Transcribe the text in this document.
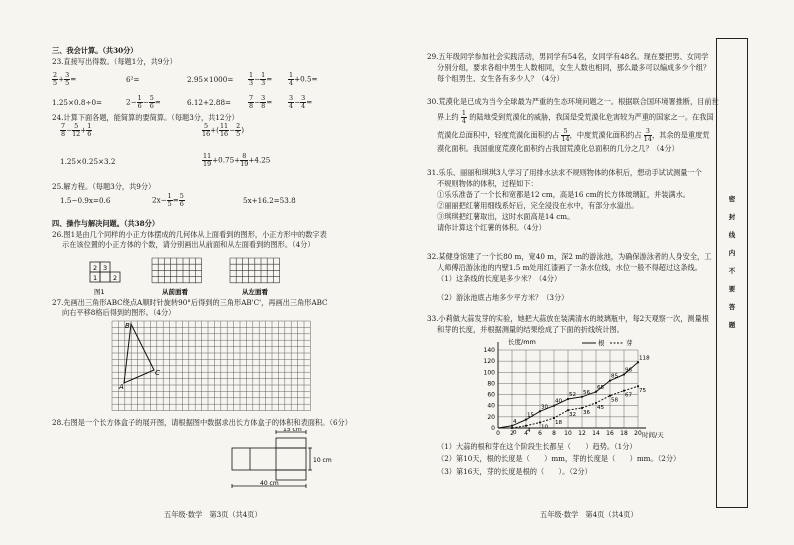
三、我会计算。（共30分）
23.直接写出得数。（每题1分，共9分）
$\frac{2}{5} + \frac{3}{5}$ =	6²=	$2.95\times 1000= \frac{1}{3} - \frac{1}{3} = \frac{1}{4} +0.5=$
1.25×0.8÷0=	$2- \frac{1}{6} - \frac{5}{6}$ =	6.12+2.88=	$\frac{7}{8} - \frac{3}{8} = \frac{3}{4} - \frac{3}{4}$ =
24.计算下面各题，能简算的要简算。（每题3分，共12分）
$\frac{7}{8} - \frac{5}{12} + \frac{1}{6}$	$\frac{5}{16}$ +( $\frac{11}{16} - \frac{2}{5}$ )
1.25×0.25×3.2	$\frac{11}{19} +0.75+ \frac{8}{19} +4.25$
25.解方程。（每题3分，共9分）
1.5−0.9x=0.6	$2x- \frac{1}{5} = \frac{5}{6}$	5x+16.2=53.8
四、操作与解决问题。（共38分）
26.图1是由几个同样的小正方体摆成的几何体从上面看到的图形，小正方形中的数字表
示在该位置的小正方体的个数，请分别画出从前面和从左面看到的图形。（4分）
2 3
1 2
图1	从前面看	从左面看
27.先画出三角形ABC绕点A顺时针旋转90°后得到的三角形AB'C'，再画出三角形ABC
向右平移8格后得到的图形。（4分）
B
A
C
28.右图是一个长方体盒子的展开图，请根据图中数据求出长方体盒子的体积和表面积。（6分）
15 cm
10 cm
40 cm
五年级·数学　第3页（共4页）
29.五年级同学参加社会实践活动，男同学有54名，女同学有48名。现在要把男、女同学
分别分组，要求各组中男生人数相同，女生人数也相同，那么最多可以编成多少个组？
每个组男生、女生各有多少人？（4分）
30.荒漠化是已成为当今全球最为严重的生态环境问题之一。根据联合国环境署推断，目前世
界上约 $\frac{1}{4}$ 的陆地受到荒漠化的威胁，我国是受荒漠化危害较为严重的国家之一。在我国
荒漠化总面积中，轻度荒漠化面积约占 $\frac{5}{14}$ ，中度荒漠化面积约占 $\frac{3}{14}$ ，其余的是重度荒
漠化面积。我国重度荒漠化面积约占我国荒漠化总面积的几分之几？（4分）
31.乐乐、丽丽和琪琪3人学习了用排水法求不规则物体的体积后，想动手试试测量一个
不规则物体的体积，过程如下：
①乐乐准备了一个长和宽都是12 cm，高是16 cm的长方体玻璃缸，并装满水。
②丽丽把红薯用细线系好后，完全浸没在水中，有部分水溢出。
③琪琪把红薯取出，这时水面高是14 cm。
请你计算这个红薯的体积。（4分）
32.某健身馆建了一个长80 m，宽40 m，深2 m的游泳池，为确保游泳者的人身安全，工
人师傅沿游泳池的内壁1.5 m处用红漆画了一条水位线，水位一般不得超过这条线。
（1）这条线的长度是多少米？（4分）
（2）游泳池底占地多少平方米？（3分）
33.小莉做大蒜发芽的实验，她把大蒜放在装满清水的玻璃瓶中，每2天观察一次，测量根
和芽的长度，并根据测量的结果绘成了下面的折线统计图。
0
20
40
60
80
100
120
140
0 2 4 6 8 10 12 14 16 18 20
4
15
30
40
52 56
65
85
96
118
0 4
10
18
32 36
45
58
67
75
长度/mm
时间/天
根	芽
（1）大蒜的根和芽在这个阶段生长都呈（　　）趋势。（1分）
（2）第10天，根的长度是（　　）mm，芽的长度是（　　）mm。（2分）
（3）第16天，芽的长度是根的（　　）。（2分）
五年级·数学　第4页（共4页）
密
封
线
内
不
要
答
题
